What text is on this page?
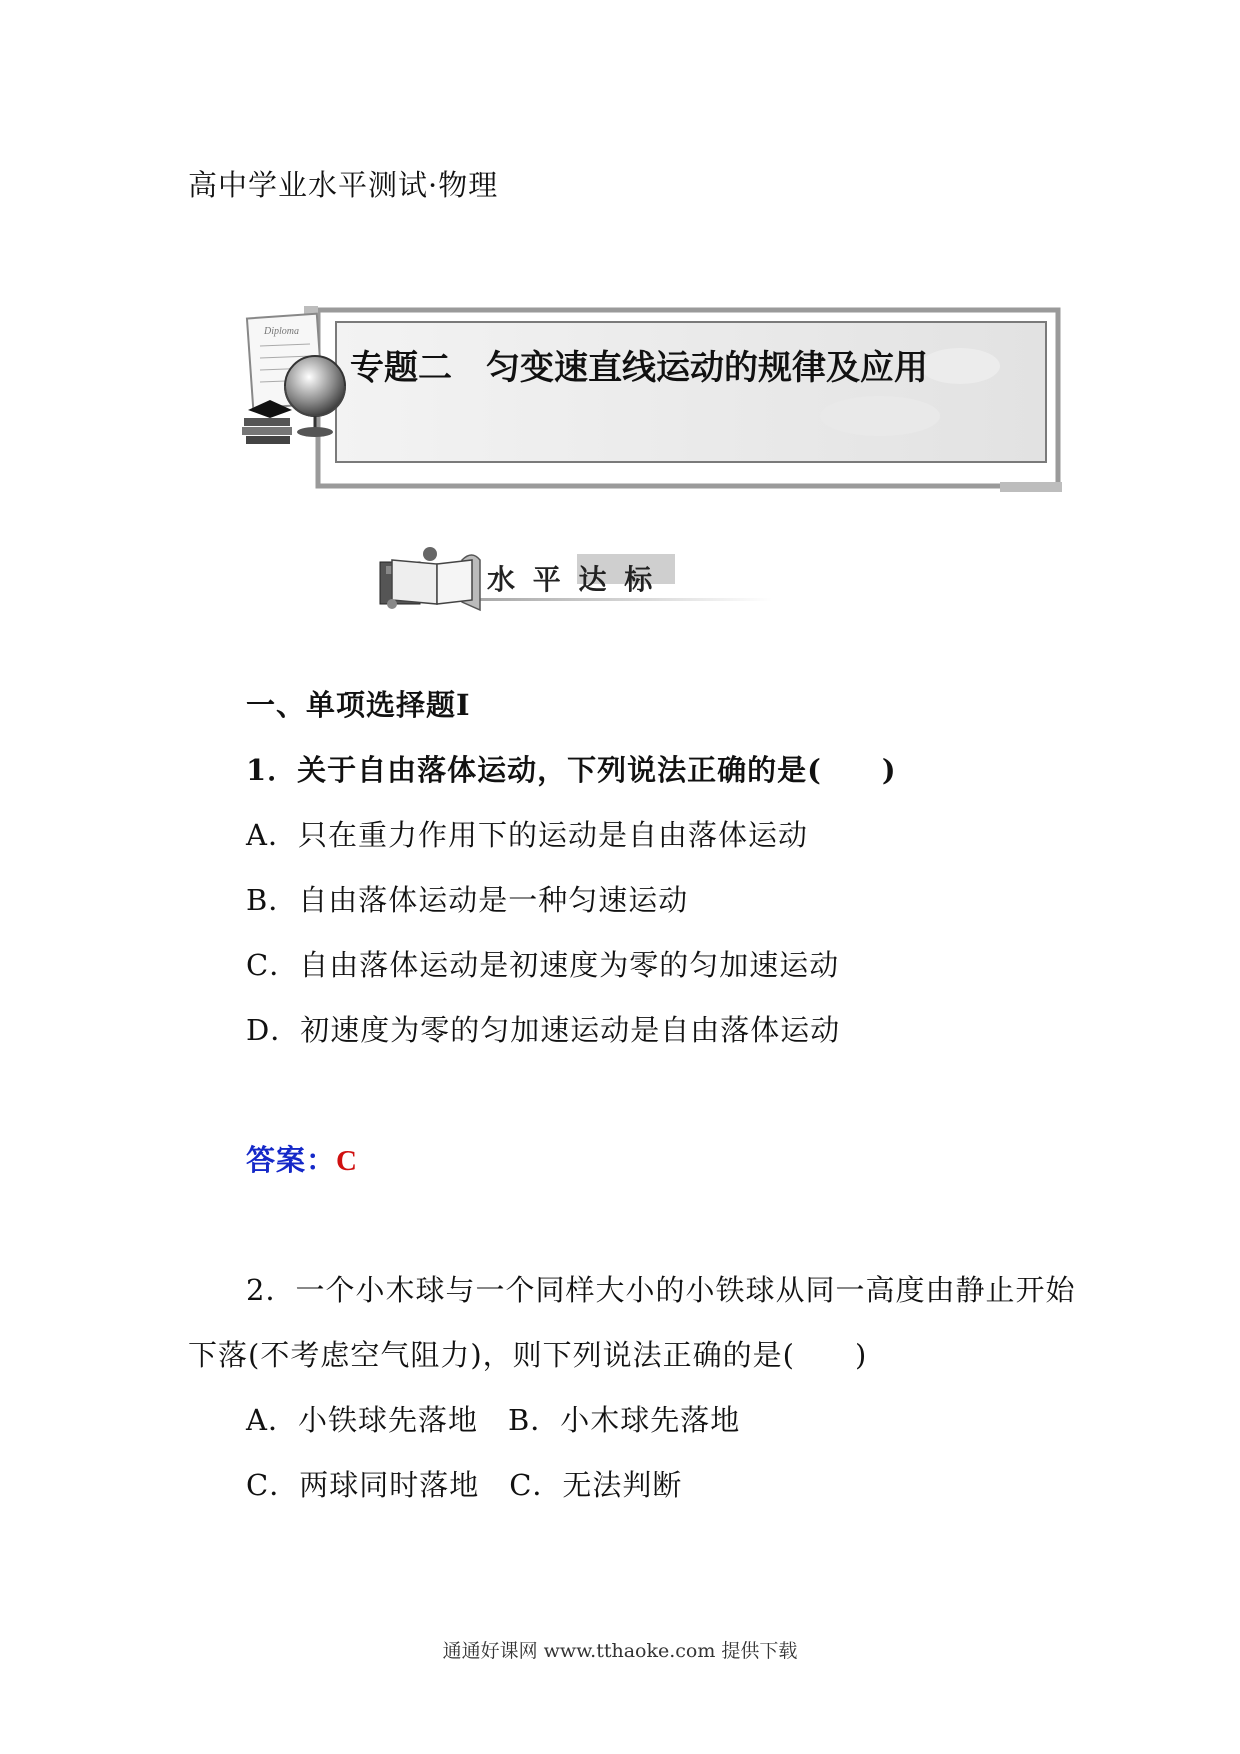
高中学业水平测试·物理
Diploma
专题二　匀变速直线运动的规律及应用
水 平 达 标
一、单项选择题Ⅰ
1．关于自由落体运动，下列说法正确的是(　　)
A．只在重力作用下的运动是自由落体运动
B．自由落体运动是一种匀速运动
C．自由落体运动是初速度为零的匀加速运动
D．初速度为零的匀加速运动是自由落体运动
答案：C
2．一个小木球与一个同样大小的小铁球从同一高度由静止开始
下落(不考虑空气阻力)，则下列说法正确的是(　　)
A．小铁球先落地　B．小木球先落地
C．两球同时落地　C．无法判断
通通好课网 www.tthaoke.com 提供下载
